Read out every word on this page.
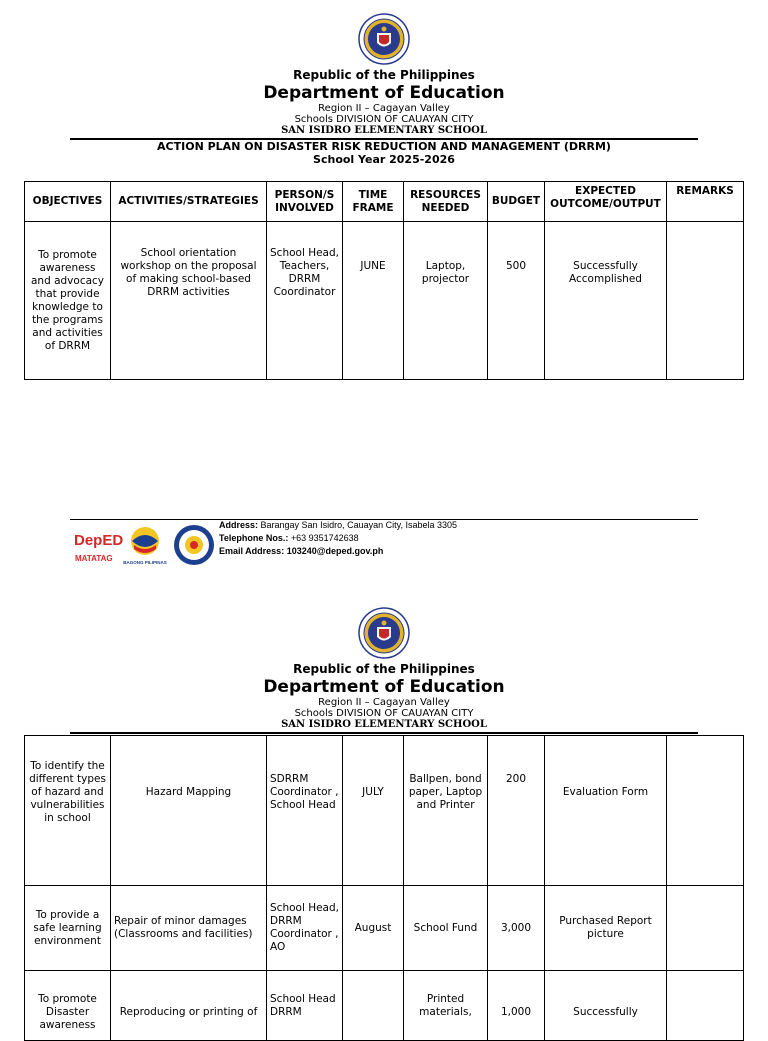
Republic of the Philippines
Department of Education
Region II – Cagayan Valley
Schools DIVISION OF CAUAYAN CITY
SAN ISIDRO ELEMENTARY SCHOOL
ACTION PLAN ON DISASTER RISK REDUCTION AND MANAGEMENT (DRRM)
School Year 2025-2026
OBJECTIVES	ACTIVITIES/STRATEGIES	PERSON/S INVOLVED	TIME FRAME	RESOURCES NEEDED	BUDGET	EXPECTED OUTCOME/OUTPUT	REMARKS
To promote awareness and advocacy that provide knowledge to the programs and activities of DRRM	School orientation workshop on the proposal of making school-based DRRM activities	School Head, Teachers, DRRM Coordinator	JUNE	Laptop, projector	500	Successfully Accomplished	
DepED
MATATAG BAGONG PILIPINAS
Address: Barangay San Isidro, Cauayan City, Isabela 3305
Telephone Nos.: +63 9351742638
Email Address: 103240@deped.gov.ph
Republic of the Philippines
Department of Education
Region II – Cagayan Valley
Schools DIVISION OF CAUAYAN CITY
SAN ISIDRO ELEMENTARY SCHOOL
To identify the different types of hazard and vulnerabilities in school	Hazard Mapping	SDRRM Coordinator , School Head	JULY	Ballpen, bond paper, Laptop and Printer	200	Evaluation Form	
To provide a safe learning environment	Repair of minor damages (Classrooms and facilities)	School Head, DRRM Coordinator , AO	August	School Fund	3,000	Purchased Report picture	
To promote Disaster awareness	Reproducing or printing of	School Head DRRM		Printed materials,	1,000	Successfully	
